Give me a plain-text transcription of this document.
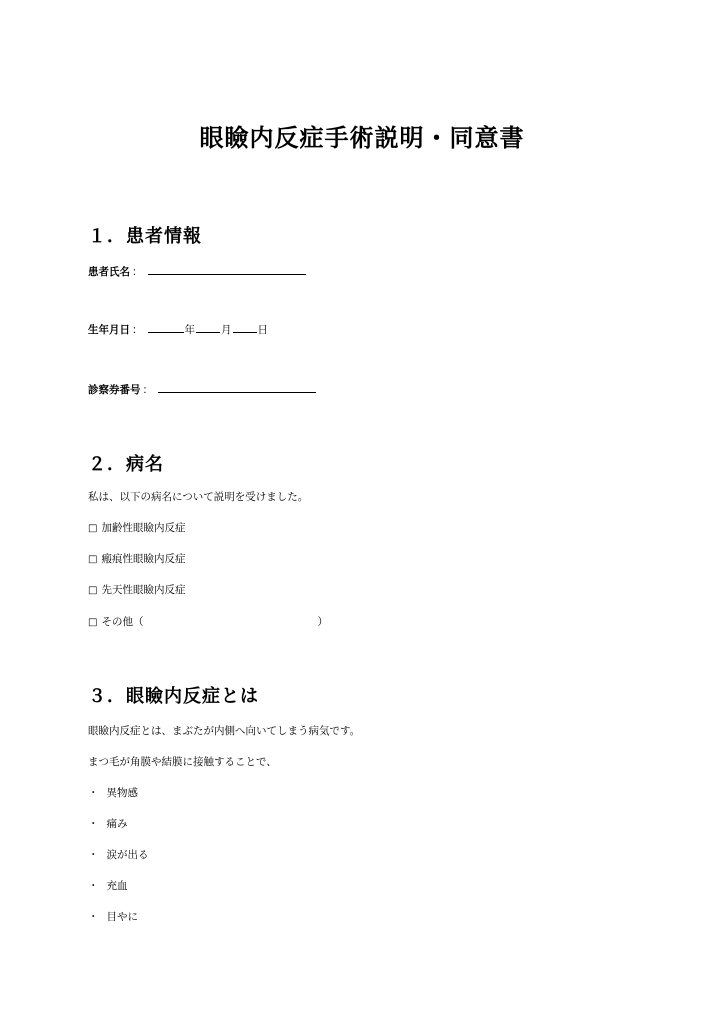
眼瞼内反症手術説明・同意書
１．患者情報
患者氏名 ：
生年月日 ：	年 月 日
診察券番号 ：
２．病名
私は、以下の病名について説明を受けました。
□ 加齢性眼瞼内反症
□ 瘢痕性眼瞼内反症
□ 先天性眼瞼内反症
□ その他（	）
３．眼瞼内反症とは
眼瞼内反症とは、まぶたが内側へ向いてしまう病気です。
まつ毛が角膜や結膜に接触することで、
・ 異物感
・ 痛み
・ 涙が出る
・ 充血
・ 目やに
